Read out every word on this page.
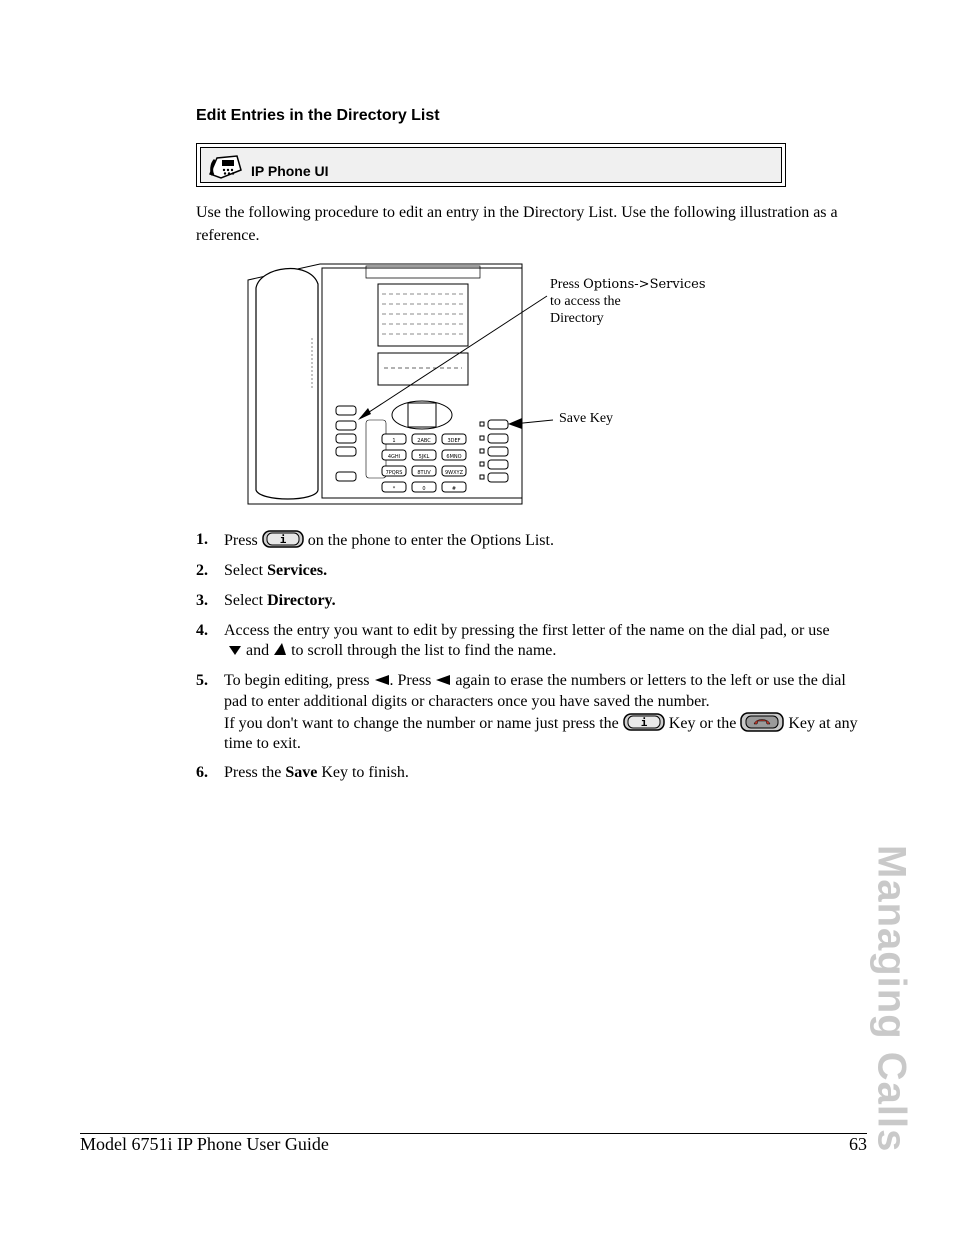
Edit Entries in the Directory List
IP Phone UI
Use the following procedure to edit an entry in the Directory List. Use the following illustration as a reference.
1	2ABC	3DEF
4GHI	5JKL	6MNO
7PQRS	8TUV	9WXYZ
*	0	#
Press Options->Services
to access the
Directory
Save Key
1. Press i on the phone to enter the Options List.
2. Select Services.
3. Select Directory.
4. Access the entry you want to edit by pressing the first letter of the name on the dial pad, or use
and  to scroll through the list to find the name.
5. To begin editing, press . Press  again to erase the numbers or letters to the left or use the dial pad to enter additional digits or characters once you have saved the number.
If you don't want to change the number or name just press the i Key or the	Key at any time to exit.
6. Press the Save Key to finish.
Managing Calls
Model 6751i IP Phone User Guide	63
